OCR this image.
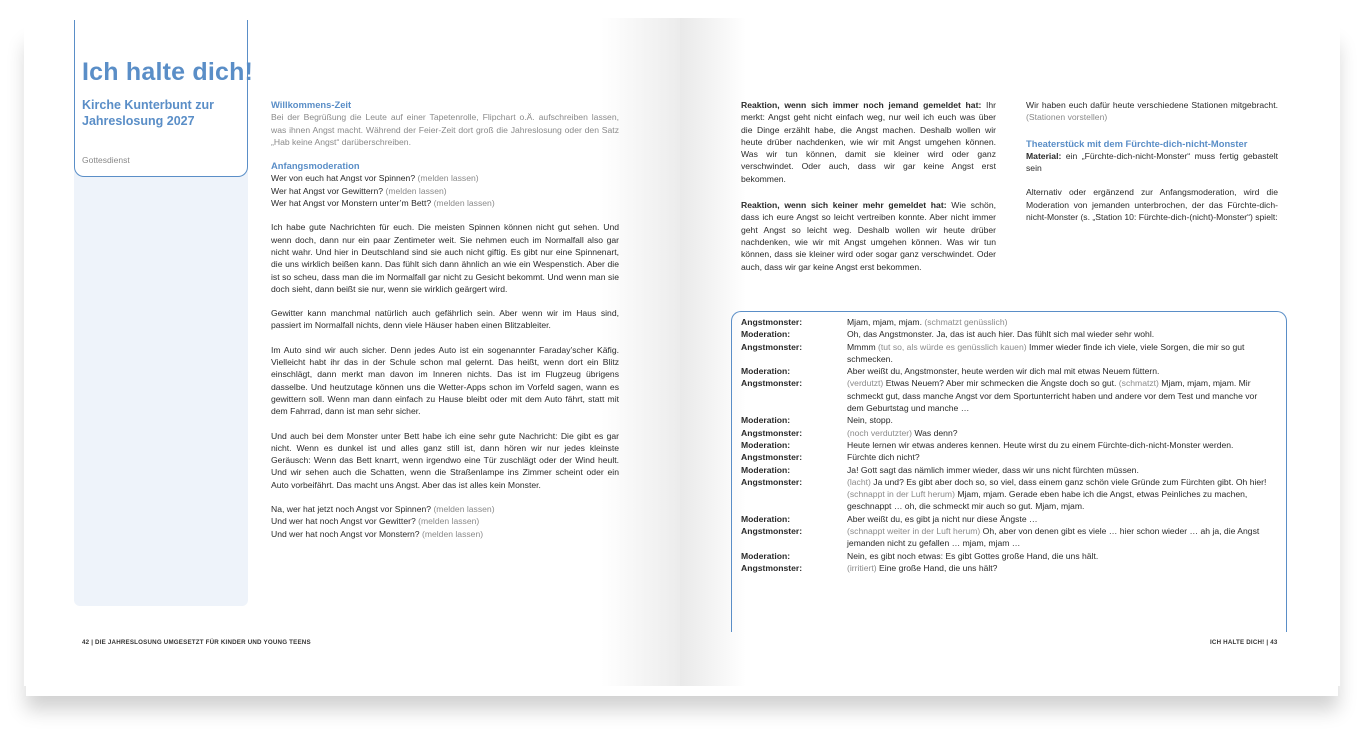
Ich halte dich!
Kirche Kunterbunt zur Jahreslosung 2027
Gottesdienst
Willkommens-Zeit

Bei der Begrüßung die Leute auf einer Tapetenrolle, Flipchart o.Ä. aufschreiben lassen, was ihnen Angst macht. Während der Feier-Zeit dort groß die Jahreslosung oder den Satz „Hab keine Angst“ darüberschreiben.

Anfangsmoderation

Wer von euch hat Angst vor Spinnen? (melden lassen)
Wer hat Angst vor Gewittern? (melden lassen)
Wer hat Angst vor Monstern unter’m Bett? (melden lassen)

Ich habe gute Nachrichten für euch. Die meisten Spinnen können nicht gut sehen. Und wenn doch, dann nur ein paar Zentimeter weit. Sie nehmen euch im Normalfall also gar nicht wahr. Und hier in Deutschland sind sie auch nicht giftig. Es gibt nur eine Spinnenart, die uns wirklich beißen kann. Das fühlt sich dann ähnlich an wie ein Wespenstich. Aber die ist so scheu, dass man die im Normalfall gar nicht zu Gesicht bekommt. Und wenn man sie doch sieht, dann beißt sie nur, wenn sie wirklich geärgert wird.

Gewitter kann manchmal natürlich auch gefährlich sein. Aber wenn wir im Haus sind, passiert im Normalfall nichts, denn viele Häuser haben einen Blitzableiter.

Im Auto sind wir auch sicher. Denn jedes Auto ist ein sogenannter Faraday’scher Käfig. Vielleicht habt ihr das in der Schule schon mal gelernt. Das heißt, wenn dort ein Blitz einschlägt, dann merkt man davon im Inneren nichts. Das ist im Flugzeug übrigens dasselbe. Und heutzutage können uns die Wetter-Apps schon im Vorfeld sagen, wann es gewittern soll. Wenn man dann einfach zu Hause bleibt oder mit dem Auto fährt, statt mit dem Fahrrad, dann ist man sehr sicher.

Und auch bei dem Monster unter Bett habe ich eine sehr gute Nachricht: Die gibt es gar nicht. Wenn es dunkel ist und alles ganz still ist, dann hören wir nur jedes kleinste Geräusch: Wenn das Bett knarrt, wenn irgendwo eine Tür zuschlägt oder der Wind heult. Und wir sehen auch die Schatten, wenn die Straßenlampe ins Zimmer scheint oder ein Auto vorbeifährt. Das macht uns Angst. Aber das ist alles kein Monster.

Na, wer hat jetzt noch Angst vor Spinnen? (melden lassen)
Und wer hat noch Angst vor Gewitter? (melden lassen)
Und wer hat noch Angst vor Monstern? (melden lassen)

42 | DIE JAHRESLOSUNG UMGESETZT FÜR KINDER UND YOUNG TEENS

Reaktion, wenn sich immer noch jemand gemeldet hat: Ihr merkt: Angst geht nicht einfach weg, nur weil ich euch was über die Dinge erzählt habe, die Angst machen. Deshalb wollen wir heute drüber nachdenken, wie wir mit Angst umgehen können. Was wir tun können, damit sie kleiner wird oder ganz verschwindet. Oder auch, dass wir gar keine Angst erst bekommen.

Reaktion, wenn sich keiner mehr gemeldet hat: Wie schön, dass ich eure Angst so leicht vertreiben konnte. Aber nicht immer geht Angst so leicht weg. Deshalb wollen wir heute drüber nachdenken, wie wir mit Angst umgehen können. Was wir tun können, dass sie kleiner wird oder sogar ganz verschwindet. Oder auch, dass wir gar keine Angst erst bekommen.

Wir haben euch dafür heute verschiedene Stationen mitgebracht. (Stationen vorstellen)

Theaterstück mit dem Fürchte-dich-nicht-Monster

Material: ein „Fürchte-dich-nicht-Monster“ muss fertig gebastelt sein

Alternativ oder ergänzend zur Anfangsmoderation, wird die Moderation von jemanden unterbrochen, der das Fürchte-dich-nicht-Monster (s. „Station 10: Fürchte-dich-(nicht)-Monster“) spielt:

Angstmonster:	Mjam, mjam, mjam. (schmatzt genüsslich)
Moderation:	Oh, das Angstmonster. Ja, das ist auch hier. Das fühlt sich mal wieder sehr wohl.
Angstmonster:	Mmmm (tut so, als würde es genüsslich kauen) Immer wieder finde ich viele, viele Sorgen, die mir so gut schmecken.
Moderation:	Aber weißt du, Angstmonster, heute werden wir dich mal mit etwas Neuem füttern.
Angstmonster:	(verdutzt) Etwas Neuem? Aber mir schmecken die Ängste doch so gut. (schmatzt) Mjam, mjam, mjam. Mir schmeckt gut, dass manche Angst vor dem Sportunterricht haben und andere vor dem Test und manche vor dem Geburtstag und manche …
Moderation:	Nein, stopp.
Angstmonster:	(noch verdutzter) Was denn?
Moderation:	Heute lernen wir etwas anderes kennen. Heute wirst du zu einem Fürchte-dich-nicht-Monster werden.
Angstmonster:	Fürchte dich nicht?
Moderation:	Ja! Gott sagt das nämlich immer wieder, dass wir uns nicht fürchten müssen.
Angstmonster:	(lacht) Ja und? Es gibt aber doch so, so viel, dass einem ganz schön viele Gründe zum Fürchten gibt. Oh hier! (schnappt in der Luft herum) Mjam, mjam. Gerade eben habe ich die Angst, etwas Peinliches zu machen, geschnappt … oh, die schmeckt mir auch so gut. Mjam, mjam.
Moderation:	Aber weißt du, es gibt ja nicht nur diese Ängste …
Angstmonster:	(schnappt weiter in der Luft herum) Oh, aber von denen gibt es viele … hier schon wieder … ah ja, die Angst jemanden nicht zu gefallen … mjam, mjam …
Moderation:	Nein, es gibt noch etwas: Es gibt Gottes große Hand, die uns hält.
Angstmonster:	(irritiert) Eine große Hand, die uns hält?
ICH HALTE DICH! | 43
